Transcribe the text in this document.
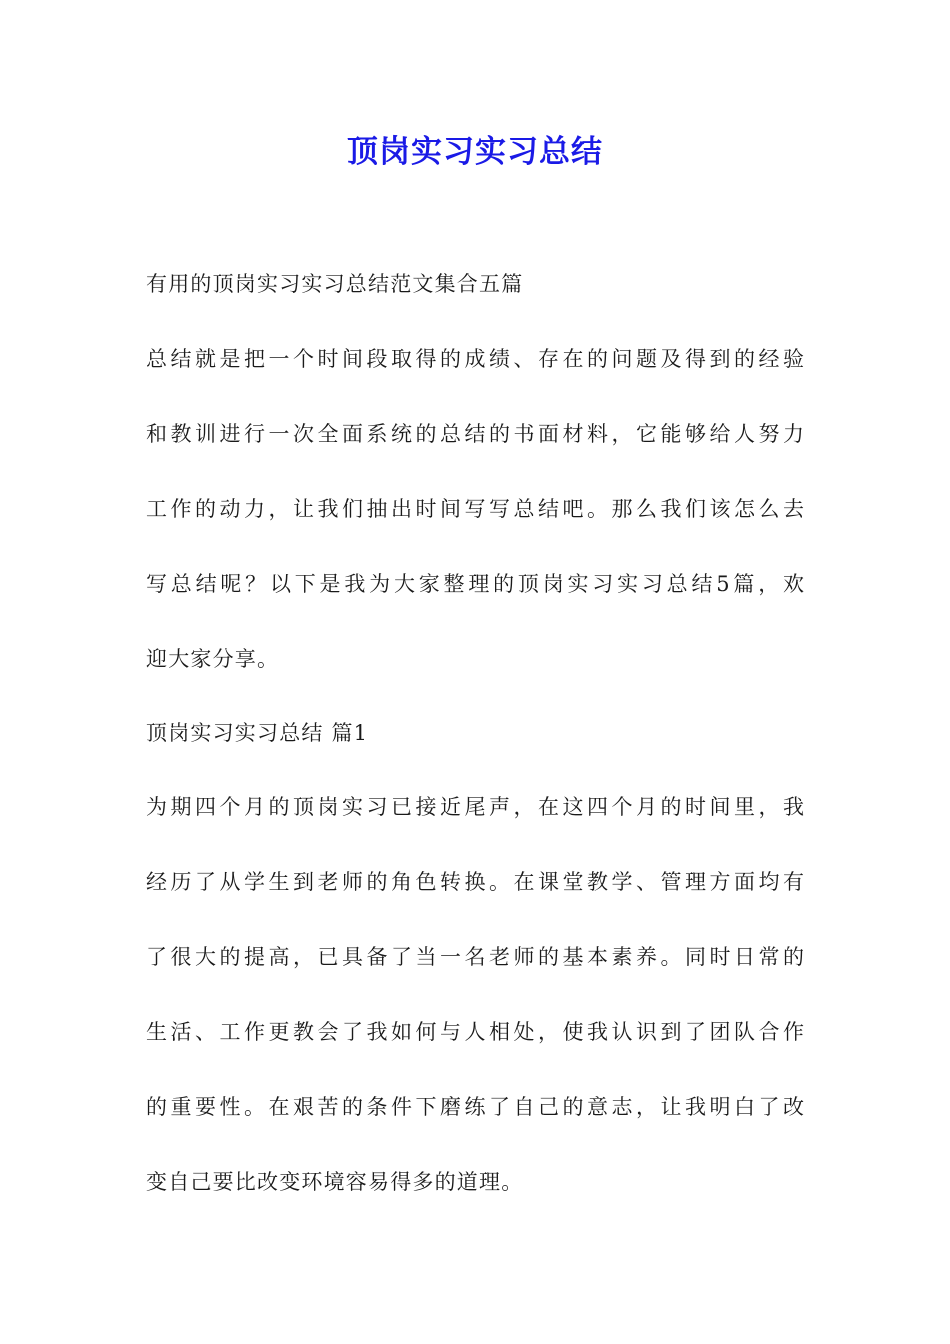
顶岗实习实习总结
有用的顶岗实习实习总结范文集合五篇
总结就是把一个时间段取得的成绩、存在的问题及得到的经验
和教训进行一次全面系统的总结的书面材料，它能够给人努力
工作的动力，让我们抽出时间写写总结吧。那么我们该怎么去
写总结呢？以下是我为大家整理的顶岗实习实习总结5篇，欢
迎大家分享。
顶岗实习实习总结 篇1
为期四个月的顶岗实习已接近尾声，在这四个月的时间里，我
经历了从学生到老师的角色转换。在课堂教学、管理方面均有
了很大的提高，已具备了当一名老师的基本素养。同时日常的
生活、工作更教会了我如何与人相处，使我认识到了团队合作
的重要性。在艰苦的条件下磨练了自己的意志，让我明白了改
变自己要比改变环境容易得多的道理。
